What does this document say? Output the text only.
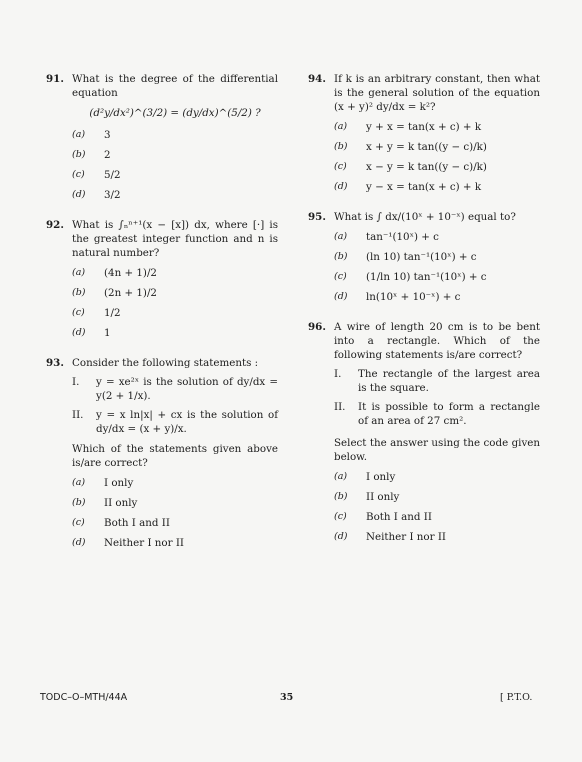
91. What is the degree of the differential equation
(d²y/dx²)^(3/2) = (dy/dx)^(5/2) ?
(a)	3
(b)	2
(c)	5/2
(d)	3/2
92. What is ∫ₙⁿ⁺¹(x − [x]) dx, where [·] is the greatest integer function and n is natural number?
(a)	(4n + 1)/2
(b)	(2n + 1)/2
(c)	1/2
(d)	1
93. Consider the following statements :
I.	y = xe²ˣ is the solution of dy/dx = y(2 + 1/x).
II.	y = x ln|x| + cx is the solution of dy/dx = (x + y)/x.
Which of the statements given above is/are correct?
(a)	I only
(b)	II only
(c)	Both I and II
(d)	Neither I nor II
94. If k is an arbitrary constant, then what is the general solution of the equation (x + y)² dy/dx = k²?
(a)	y + x = tan(x + c) + k
(b)	x + y = k tan((y − c)/k)
(c)	x − y = k tan((y − c)/k)
(d)	y − x = tan(x + c) + k
95. What is ∫ dx/(10ˣ + 10⁻ˣ) equal to?
(a)	tan⁻¹(10ˣ) + c
(b)	(ln 10) tan⁻¹(10ˣ) + c
(c)	(1/ln 10) tan⁻¹(10ˣ) + c
(d)	ln(10ˣ + 10⁻ˣ) + c
96. A wire of length 20 cm is to be bent into a rectangle. Which of the following statements is/are correct?
I.	The rectangle of the largest area is the square.
II.	It is possible to form a rectangle of an area of 27 cm².
Select the answer using the code given below.
(a)	I only
(b)	II only
(c)	Both I and II
(d)	Neither I nor II
TODC–O–MTH/44A	35	[ P.T.O.
